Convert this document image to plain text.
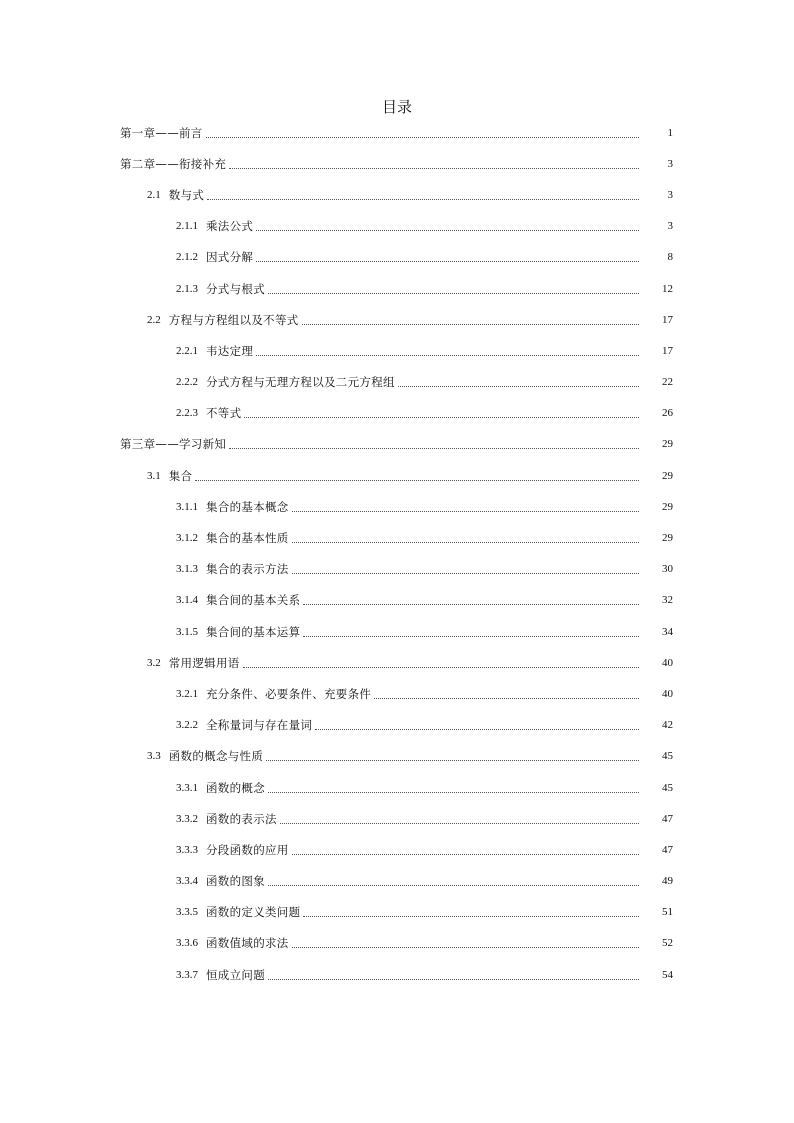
目录
第一章——前言	1
第二章——衔接补充	3
2.1 数与式	3
2.1.1 乘法公式	3
2.1.2 因式分解	8
2.1.3 分式与根式	12
2.2 方程与方程组以及不等式	17
2.2.1 韦达定理	17
2.2.2 分式方程与无理方程以及二元方程组	22
2.2.3 不等式	26
第三章——学习新知	29
3.1 集合	29
3.1.1 集合的基本概念	29
3.1.2 集合的基本性质	29
3.1.3 集合的表示方法	30
3.1.4 集合间的基本关系	32
3.1.5 集合间的基本运算	34
3.2 常用逻辑用语	40
3.2.1 充分条件、必要条件、充要条件	40
3.2.2 全称量词与存在量词	42
3.3 函数的概念与性质	45
3.3.1 函数的概念	45
3.3.2 函数的表示法	47
3.3.3 分段函数的应用	47
3.3.4 函数的图象	49
3.3.5 函数的定义类问题	51
3.3.6 函数值域的求法	52
3.3.7 恒成立问题	54
